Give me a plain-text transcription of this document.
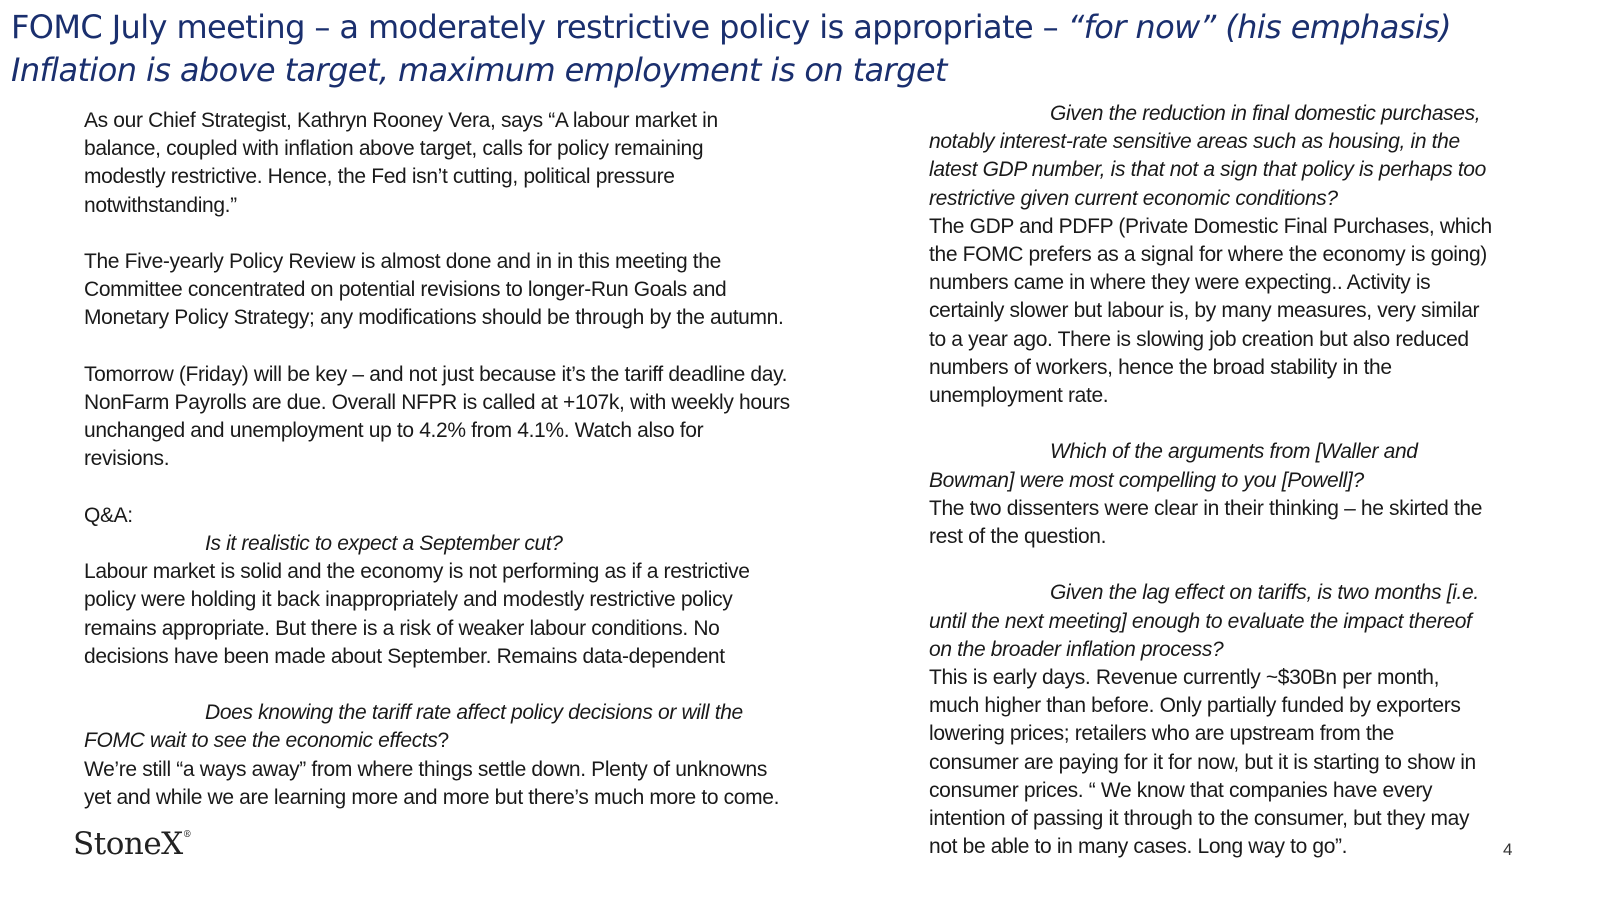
FOMC July meeting – a moderately restrictive policy is appropriate – “for now” (his emphasis)
Inflation is above target, maximum employment is on target

As our Chief Strategist, Kathryn Rooney Vera, says “A labour market in
balance, coupled with inflation above target, calls for policy remaining
modestly restrictive. Hence, the Fed isn’t cutting, political pressure
notwithstanding.”

The Five-yearly Policy Review is almost done and in in this meeting the
Committee concentrated on potential revisions to longer-Run Goals and
Monetary Policy Strategy; any modifications should be through by the autumn.

Tomorrow (Friday) will be key – and not just because it’s the tariff deadline day.
NonFarm Payrolls are due. Overall NFPR is called at +107k, with weekly hours
unchanged and unemployment up to 4.2% from 4.1%. Watch also for
revisions.

Q&A:

Is it realistic to expect a September cut?

Labour market is solid and the economy is not performing as if a restrictive
policy were holding it back inappropriately and modestly restrictive policy
remains appropriate. But there is a risk of weaker labour conditions. No
decisions have been made about September. Remains data-dependent

Does knowing the tariff rate affect policy decisions or will the
FOMC wait to see the economic effects?

We’re still “a ways away” from where things settle down. Plenty of unknowns
yet and while we are learning more and more but there’s much more to come.

Given the reduction in final domestic purchases,
notably interest-rate sensitive areas such as housing, in the
latest GDP number, is that not a sign that policy is perhaps too
restrictive given current economic conditions?

The GDP and PDFP (Private Domestic Final Purchases, which
the FOMC prefers as a signal for where the economy is going)
numbers came in where they were expecting.. Activity is
certainly slower but labour is, by many measures, very similar
to a year ago. There is slowing job creation but also reduced
numbers of workers, hence the broad stability in the
unemployment rate.

Which of the arguments from [Waller and
Bowman] were most compelling to you [Powell]?

The two dissenters were clear in their thinking – he skirted the
rest of the question.

Given the lag effect on tariffs, is two months [i.e.
until the next meeting] enough to evaluate the impact thereof
on the broader inflation process?

This is early days. Revenue currently ~$30Bn per month,
much higher than before. Only partially funded by exporters
lowering prices; retailers who are upstream from the
consumer are paying for it for now, but it is starting to show in
consumer prices. “ We know that companies have every
intention of passing it through to the consumer, but they may
not be able to in many cases. Long way to go”.

StoneX®
4
